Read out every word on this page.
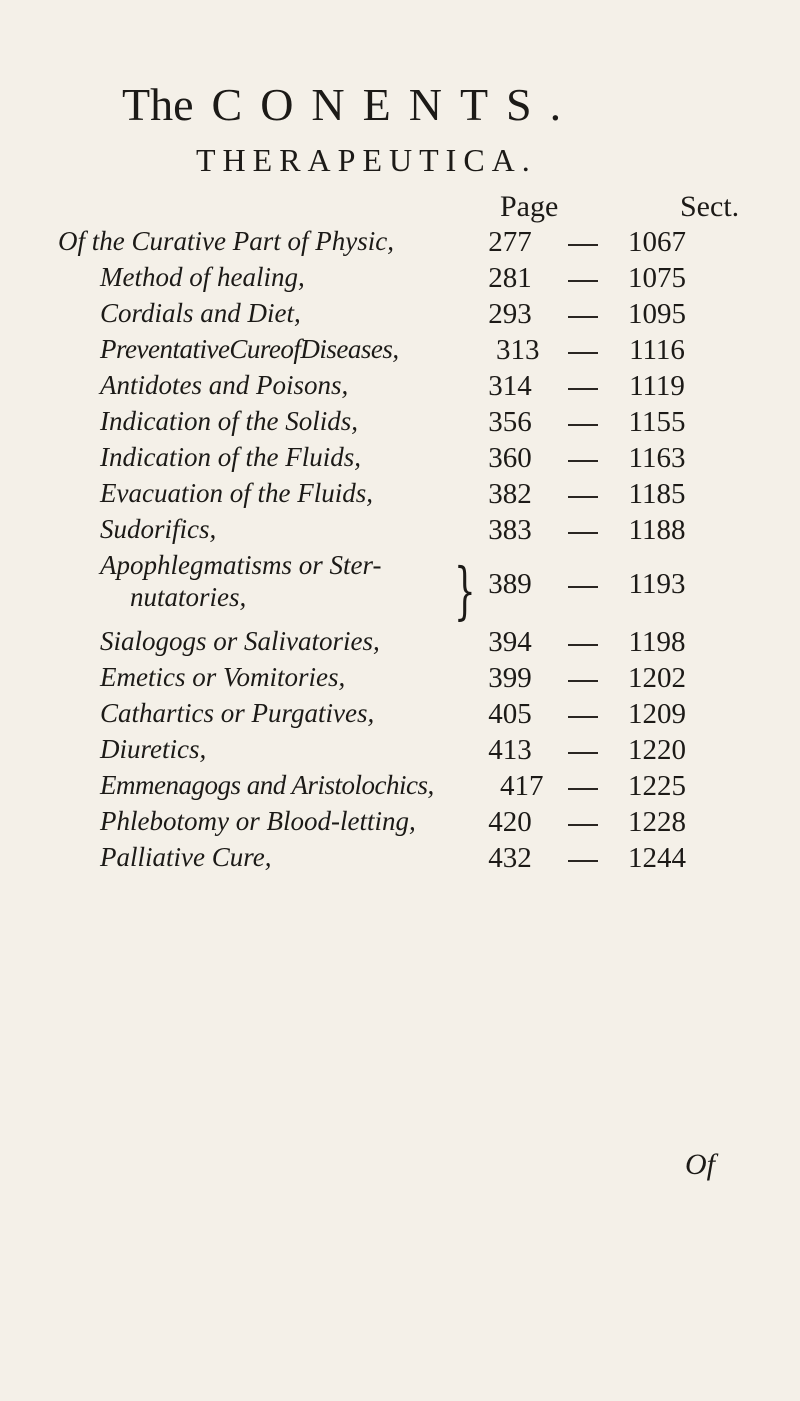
The CONENTS.
THERAPEUTICA.
Page	Sect.
Of the Curative Part of Physic,	277	1067
Method of healing,	281	1075
Cordials and Diet,	293	1095
PreventativeCureofDiseases,	313	1116
Antidotes and Poisons,	314	1119
Indication of the Solids,	356	1155
Indication of the Fluids,	360	1163
Evacuation of the Fluids,	382	1185
Sudorifics,	383	1188
Apophlegmatisms or Ster-
nutatories,	389	1193
}
Sialogogs or Salivatories,	394	1198
Emetics or Vomitories,	399	1202
Cathartics or Purgatives,	405	1209
Diuretics,	413	1220
Emmenagogs and Aristolochics, 417	1225
Phlebotomy or Blood-letting,	420	1228
Palliative Cure,	432	1244
Of
